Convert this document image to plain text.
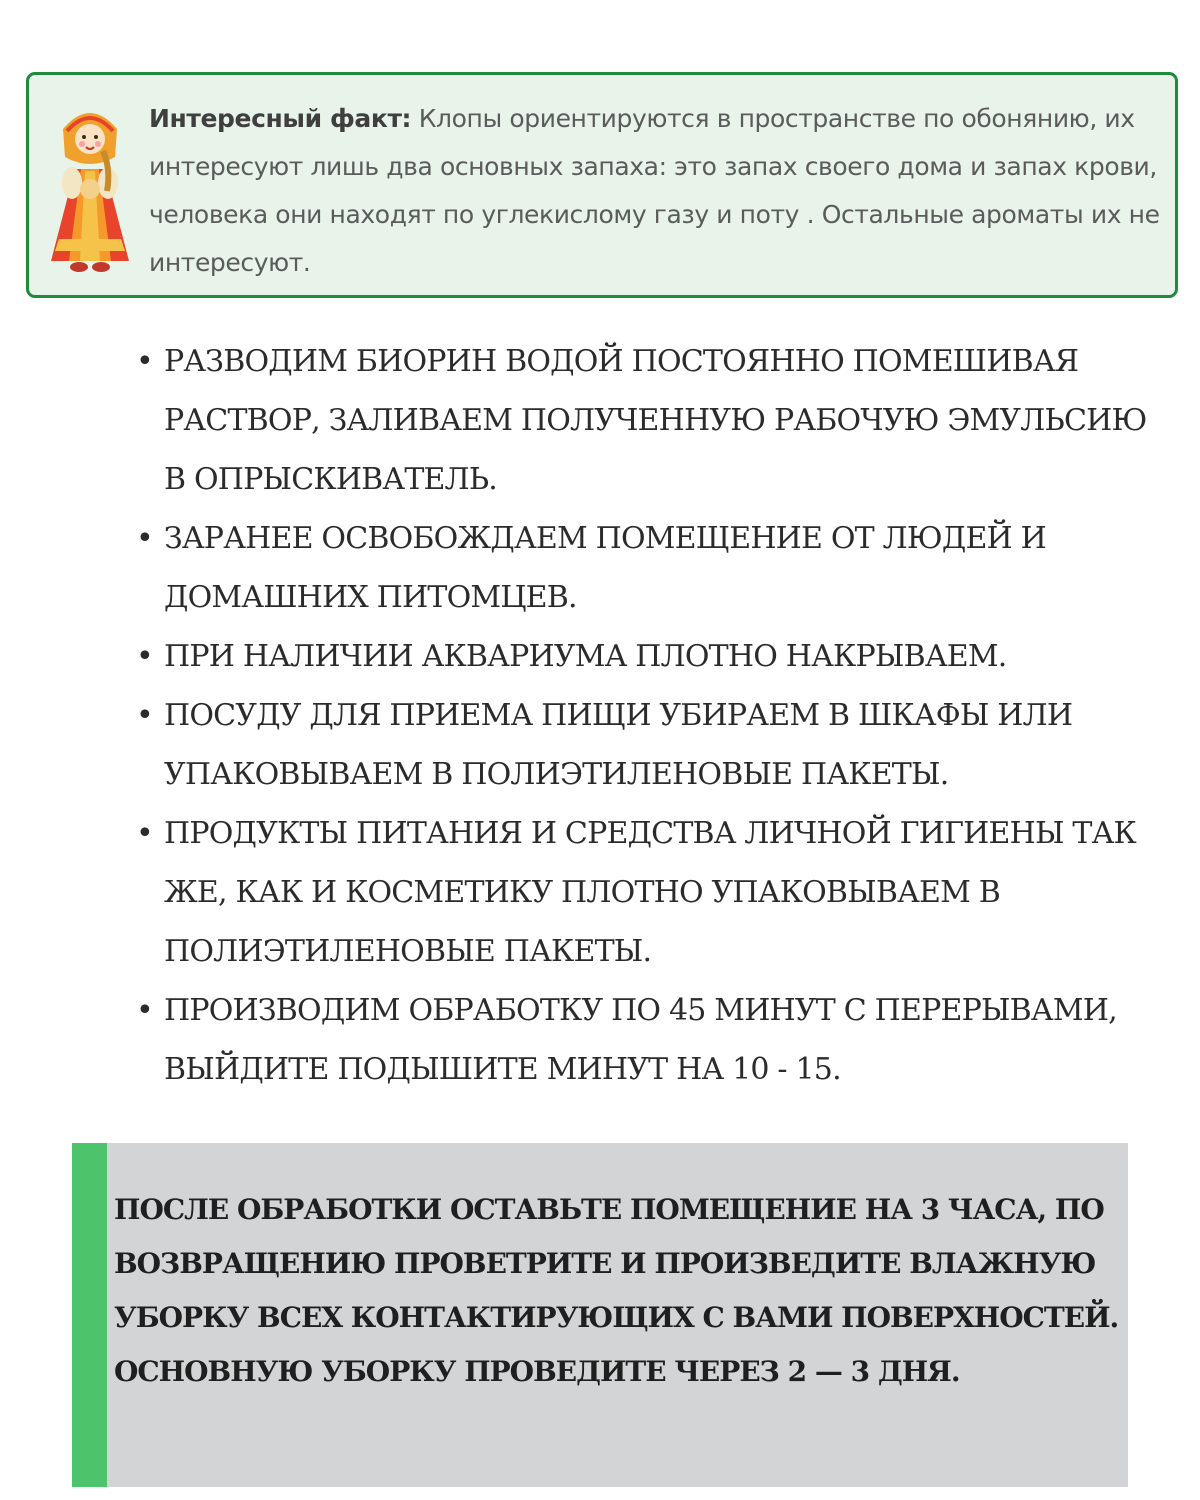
Интересный факт: Клопы ориентируются в пространстве по обонянию, их интересуют лишь два основных запаха: это запах своего дома и запах крови, человека они находят по углекислому газу и поту . Остальные ароматы их не интересуют.
• РАЗВОДИМ БИОРИН ВОДОЙ ПОСТОЯННО ПОМЕШИВАЯ РАСТВОР, ЗАЛИВАЕМ ПОЛУЧЕННУЮ РАБОЧУЮ ЭМУЛЬСИЮ В ОПРЫСКИВАТЕЛЬ.
• ЗАРАНЕЕ ОСВОБОЖДАЕМ ПОМЕЩЕНИЕ ОТ ЛЮДЕЙ И ДОМАШНИХ ПИТОМЦЕВ.
• ПРИ НАЛИЧИИ АКВАРИУМА ПЛОТНО НАКРЫВАЕМ.
• ПОСУДУ ДЛЯ ПРИЕМА ПИЩИ УБИРАЕМ В ШКАФЫ ИЛИ УПАКОВЫВАЕМ В ПОЛИЭТИЛЕНОВЫЕ ПАКЕТЫ.
• ПРОДУКТЫ ПИТАНИЯ И СРЕДСТВА ЛИЧНОЙ ГИГИЕНЫ ТАК ЖЕ, КАК И КОСМЕТИКУ ПЛОТНО УПАКОВЫВАЕМ В ПОЛИЭТИЛЕНОВЫЕ ПАКЕТЫ.
• ПРОИЗВОДИМ ОБРАБОТКУ ПО 45 МИНУТ С ПЕРЕРЫВАМИ, ВЫЙДИТЕ ПОДЫШИТЕ МИНУТ НА 10 - 15.
ПОСЛЕ ОБРАБОТКИ ОСТАВЬТЕ ПОМЕЩЕНИЕ НА 3 ЧАСА, ПО ВОЗВРАЩЕНИЮ ПРОВЕТРИТЕ И ПРОИЗВЕДИТЕ ВЛАЖНУЮ УБОРКУ ВСЕХ КОНТАКТИРУЮЩИХ С ВАМИ ПОВЕРХНОСТЕЙ. ОСНОВНУЮ УБОРКУ ПРОВЕДИТЕ ЧЕРЕЗ 2 — 3 ДНЯ.
